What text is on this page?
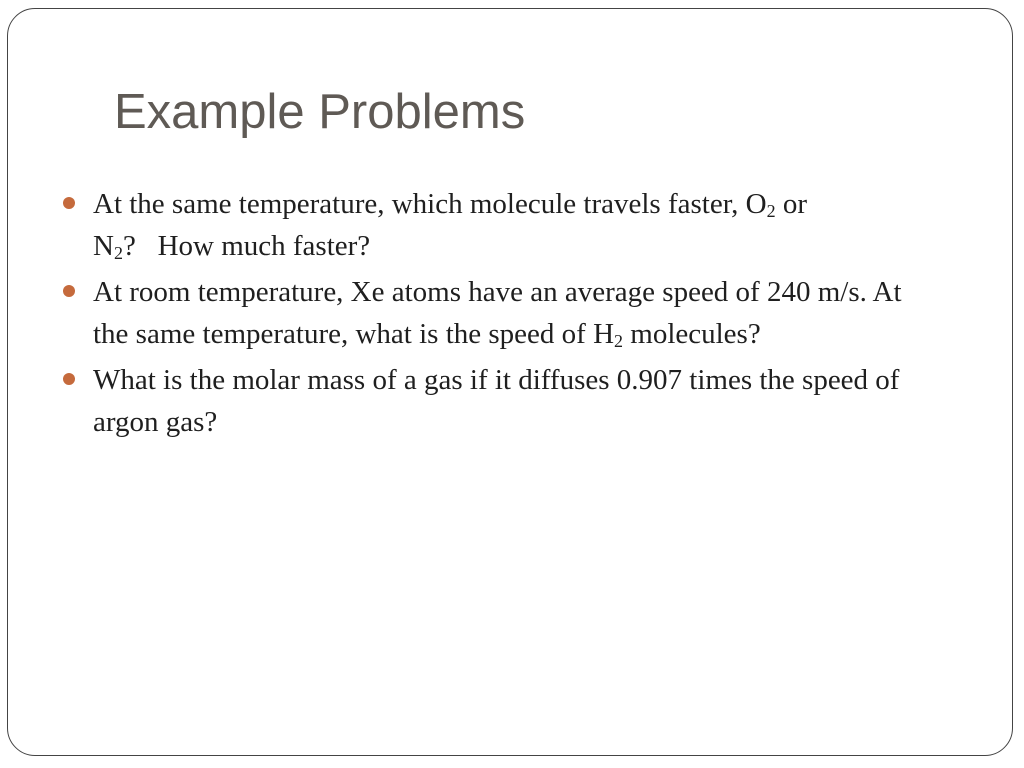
Example Problems
At the same temperature, which molecule travels faster, $O_2$ or $N_2$?   How much faster?
At room temperature, Xe atoms have an average speed of 240 m/s. At the same temperature, what is the speed of $H_2$ molecules?
What is the molar mass of a gas if it diffuses 0.907 times the speed of argon gas?
